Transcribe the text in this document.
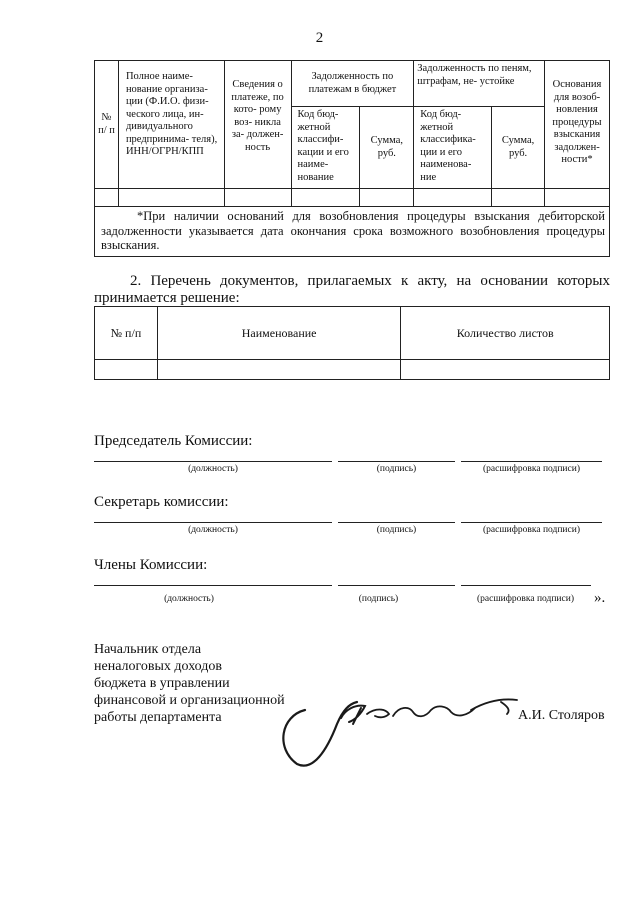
2
№ п/ п	Полное наиме- нование организа- ции (Ф.И.О. физи- ческого лица, ин- дивидуального предпринима- теля), ИНН/ОГРН/КПП	Сведения о платеже, по кото- рому воз- никла за- должен- ность	Задолженность по платежам в бюджет		Задолженность по пеням, штрафам, не- устойке		Основания для возоб- новления процедуры взыскания задолжен- ности*
			Код бюд- жетной классифи- кации и его наиме- нование	Сумма, руб.	Код бюд- жетной классифика- ции и его наименова- ние	Сумма, руб.	

*При наличии оснований для возобновления процедуры взыскания дебиторской задолженности указывается дата окончания срока возможного возобновления процедуры взыскания.							
2. Перечень документов, прилагаемых к акту, на основании которых принимается решение:
№ п/п	Наименование	Количество листов

Председатель Комиссии:
(должность)	(подпись)	(расшифровка подписи)
Секретарь комиссии:
(должность)	(подпись)	(расшифровка подписи)
Члены Комиссии:
(должность)	(подпись)	(расшифровка подписи)	».
Начальник отдела
неналоговых доходов
бюджета в управлении
финансовой и организационной
работы департамента	А.И. Столяров
